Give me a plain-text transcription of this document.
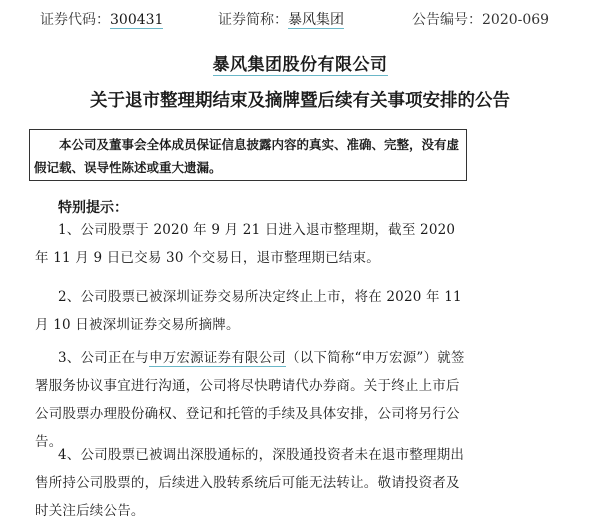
证券代码：300431	证券简称：暴风集团	公告编号：2020-069
暴风集团股份有限公司
关于退市整理期结束及摘牌暨后续有关事项安排的公告
本公司及董事会全体成员保证信息披露内容的真实、准确、完整，没有虚假记载、误导性陈述或重大遗漏。
特别提示：
1、公司股票于 2020 年 9 月 21 日进入退市整理期，截至 2020 年 11 月 9 日已交易 30 个交易日，退市整理期已结束。
2、公司股票已被深圳证券交易所决定终止上市，将在 2020 年 11 月 10 日被深圳证券交易所摘牌。
3、公司正在与申万宏源证券有限公司（以下简称“申万宏源”）就签署服务协议事宜进行沟通，公司将尽快聘请代办券商。关于终止上市后公司股票办理股份确权、登记和托管的手续及具体安排，公司将另行公告。
4、公司股票已被调出深股通标的，深股通投资者未在退市整理期出售所持公司股票的，后续进入股转系统后可能无法转让。敬请投资者及时关注后续公告。
